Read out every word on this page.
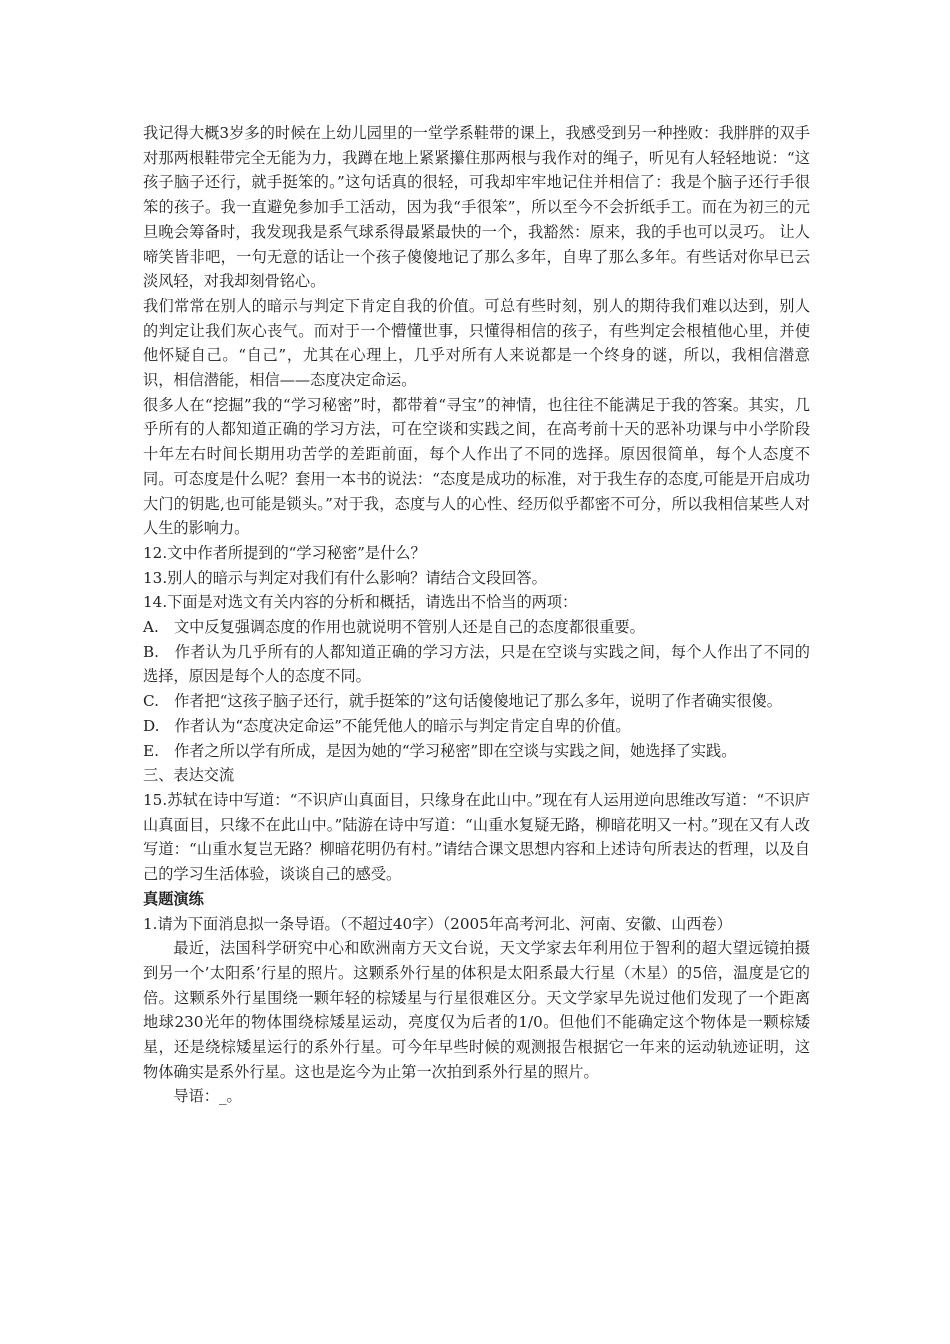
我记得大概3岁多的时候在上幼儿园里的一堂学系鞋带的课上，我感受到另一种挫败：我胖胖的双手对那两根鞋带完全无能为力，我蹲在地上紧紧攥住那两根与我作对的绳子，听见有人轻轻地说：“这孩子脑子还行，就手挺笨的。”这句话真的很轻，可我却牢牢地记住并相信了：我是个脑子还行手很笨的孩子。我一直避免参加手工活动，因为我“手很笨”，所以至今不会折纸手工。而在为初三的元旦晚会筹备时，我发现我是系气球系得最紧最快的一个，我豁然：原来，我的手也可以灵巧。 让人啼笑皆非吧，一句无意的话让一个孩子傻傻地记了那么多年，自卑了那么多年。有些话对你早已云淡风轻，对我却刻骨铭心。

我们常常在别人的暗示与判定下肯定自我的价值。可总有些时刻，别人的期待我们难以达到，别人的判定让我们灰心丧气。而对于一个懵懂世事，只懂得相信的孩子，有些判定会根植他心里，并使他怀疑自己。“自己”，尤其在心理上，几乎对所有人来说都是一个终身的谜，所以，我相信潜意识，相信潜能，相信——态度决定命运。

很多人在“挖掘”我的“学习秘密”时，都带着“寻宝”的神情，也往往不能满足于我的答案。其实，几乎所有的人都知道正确的学习方法，可在空谈和实践之间，在高考前十天的恶补功课与中小学阶段十年左右时间长期用功苦学的差距前面，每个人作出了不同的选择。原因很简单，每个人态度不同。可态度是什么呢？套用一本书的说法：“态度是成功的标准，对于我生存的态度,可能是开启成功大门的钥匙,也可能是锁头。”对于我，态度与人的心性、经历似乎都密不可分，所以我相信某些人对人生的影响力。

12.文中作者所提到的“学习秘密”是什么？

13.别人的暗示与判定对我们有什么影响？请结合文段回答。

14.下面是对选文有关内容的分析和概括，请选出不恰当的两项：

A.　文中反复强调态度的作用也就说明不管别人还是自己的态度都很重要。

B.　作者认为几乎所有的人都知道正确的学习方法，只是在空谈与实践之间，每个人作出了不同的选择，原因是每个人的态度不同。

C.　作者把“这孩子脑子还行，就手挺笨的”这句话傻傻地记了那么多年，说明了作者确实很傻。

D.　作者认为“态度决定命运”不能凭他人的暗示与判定肯定自卑的价值。

E.　作者之所以学有所成，是因为她的“学习秘密”即在空谈与实践之间，她选择了实践。

三、表达交流

15.苏轼在诗中写道：“不识庐山真面目，只缘身在此山中。”现在有人运用逆向思维改写道：“不识庐山真面目，只缘不在此山中。”陆游在诗中写道：“山重水复疑无路，柳暗花明又一村。”现在又有人改写道：“山重水复岂无路？柳暗花明仍有村。”请结合课文思想内容和上述诗句所表达的哲理，以及自己的学习生活体验，谈谈自己的感受。

真题演练

1.请为下面消息拟一条导语。（不超过40字）（2005年高考河北、河南、安徽、山西卷）

最近，法国科学研究中心和欧洲南方天文台说，天文学家去年利用位于智利的超大望远镜拍摄到另一个’太阳系’行星的照片。这颗系外行星的体积是太阳系最大行星（木星）的5倍，温度是它的倍。这颗系外行星围绕一颗年轻的棕矮星与行星很难区分。天文学家早先说过他们发现了一个距离地球230光年的物体围绕棕矮星运动，亮度仅为后者的1/0。但他们不能确定这个物体是一颗棕矮星，还是绕棕矮星运行的系外行星。可今年早些时候的观测报告根据它一年来的运动轨迹证明，这物体确实是系外行星。这也是迄今为止第一次拍到系外行星的照片。

导语：_。
